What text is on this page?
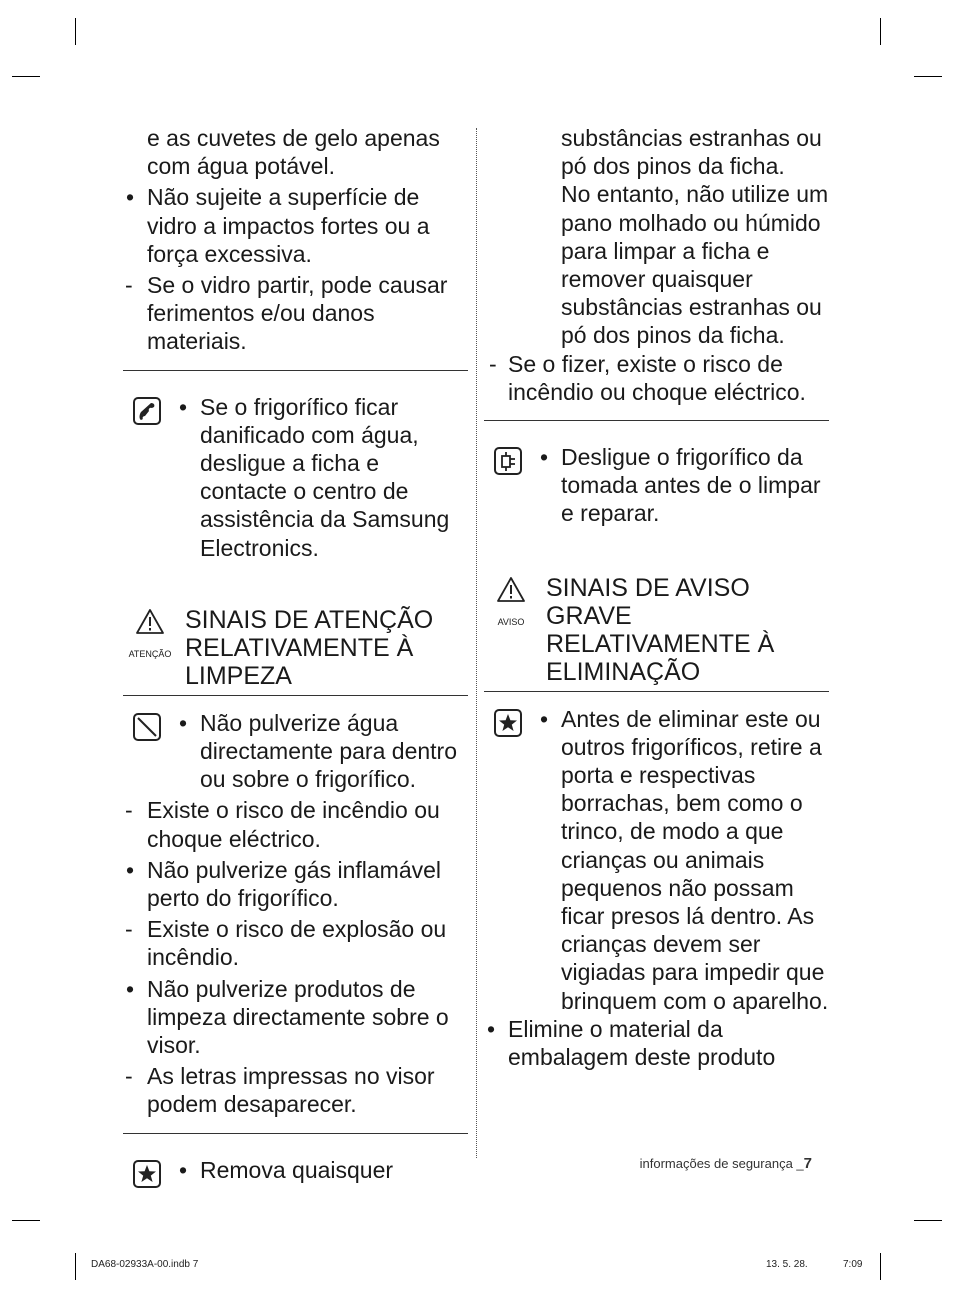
e as cuvetes de gelo apenas com água potável.
• Não sujeite a superfície de vidro a impactos fortes ou a força excessiva.
- Se o vidro partir, pode causar ferimentos e/ou danos materiais.
• Se o frigorífico ficar danificado com água, desligue a ficha e contacte o centro de assistência da Samsung Electronics.
ATENÇÃO
SINAIS DE ATENÇÃO RELATIVAMENTE À LIMPEZA
• Não pulverize água directamente para dentro ou sobre o frigorífico.
- Existe o risco de incêndio ou choque eléctrico.
• Não pulverize gás inflamável perto do frigorífico.
- Existe o risco de explosão ou incêndio.
• Não pulverize produtos de limpeza directamente sobre o visor.
- As letras impressas no visor podem desaparecer.
• Remova quaisquer
substâncias estranhas ou pó dos pinos da ficha.
No entanto, não utilize um pano molhado ou húmido para limpar a ficha e remover quaisquer substâncias estranhas ou pó dos pinos da ficha.
- Se o fizer, existe o risco de incêndio ou choque eléctrico.
• Desligue o frigorífico da tomada antes de o limpar e reparar.
AVISO
SINAIS DE AVISO GRAVE RELATIVAMENTE À ELIMINAÇÃO
• Antes de eliminar este ou outros frigoríficos, retire a porta e respectivas borrachas, bem como o trinco, de modo a que crianças ou animais pequenos não possam ficar presos lá dentro. As crianças devem ser vigiadas para impedir que brinquem com o aparelho.
• Elimine o material da embalagem deste produto
informações de segurança _7
DA68-02933A-00.indb 7	13. 5. 28.	7:09
